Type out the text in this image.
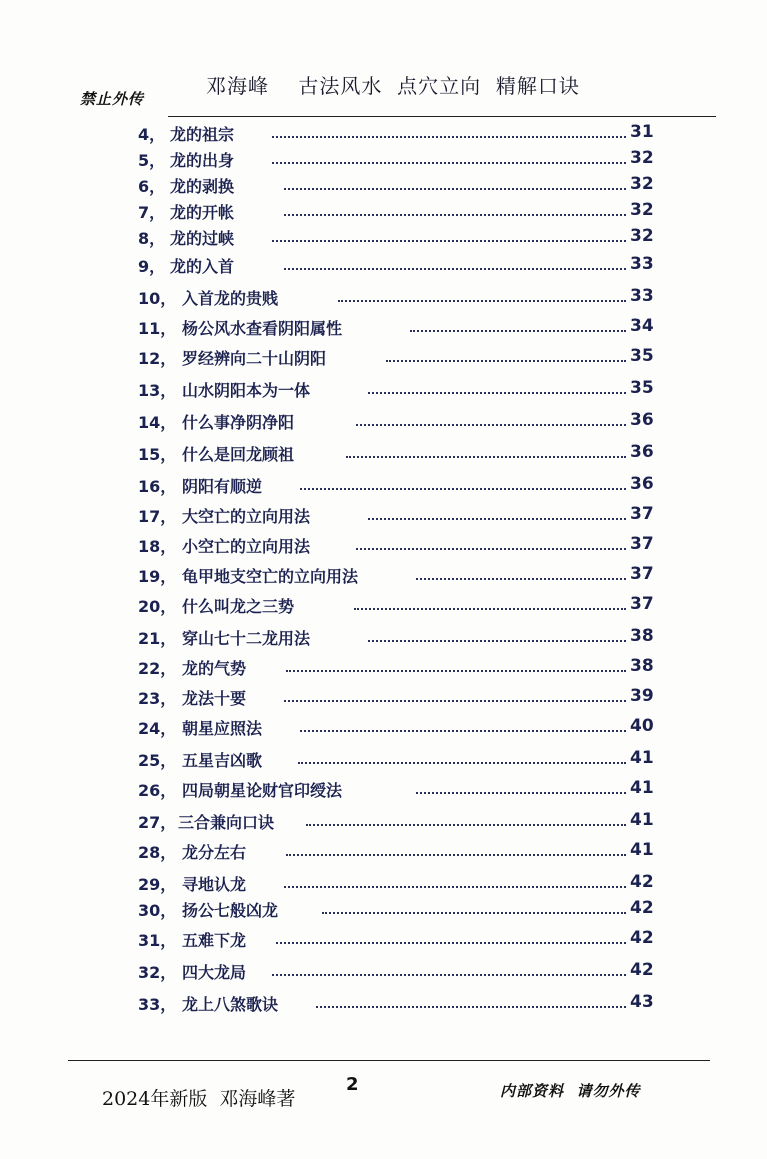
禁止外传
邓海峰    古法风水  点穴立向  精解口诀
4， 龙的祖宗	31
5， 龙的出身	32
6， 龙的剥换	32
7， 龙的开帐	32
8， 龙的过峡	32
9， 龙的入首	33
10， 入首龙的贵贱	33
11， 杨公风水查看阴阳属性	34
12， 罗经辨向二十山阴阳	35
13， 山水阴阳本为一体	35
14， 什么事净阴净阳	36
15， 什么是回龙顾祖	36
16， 阴阳有顺逆	36
17， 大空亡的立向用法	37
18， 小空亡的立向用法	37
19， 龟甲地支空亡的立向用法	37
20， 什么叫龙之三势	37
21， 穿山七十二龙用法	38
22， 龙的气势	38
23， 龙法十要	39
24， 朝星应照法	40
25， 五星吉凶歌	41
26， 四局朝星论财官印绶法	41
27， 三合兼向口诀	41
28， 龙分左右	41
29， 寻地认龙	42
30， 扬公七般凶龙	42
31， 五难下龙	42
32， 四大龙局	42
33， 龙上八煞歌诀	43
2024年新版  邓海峰著
2	内部资料  请勿外传
